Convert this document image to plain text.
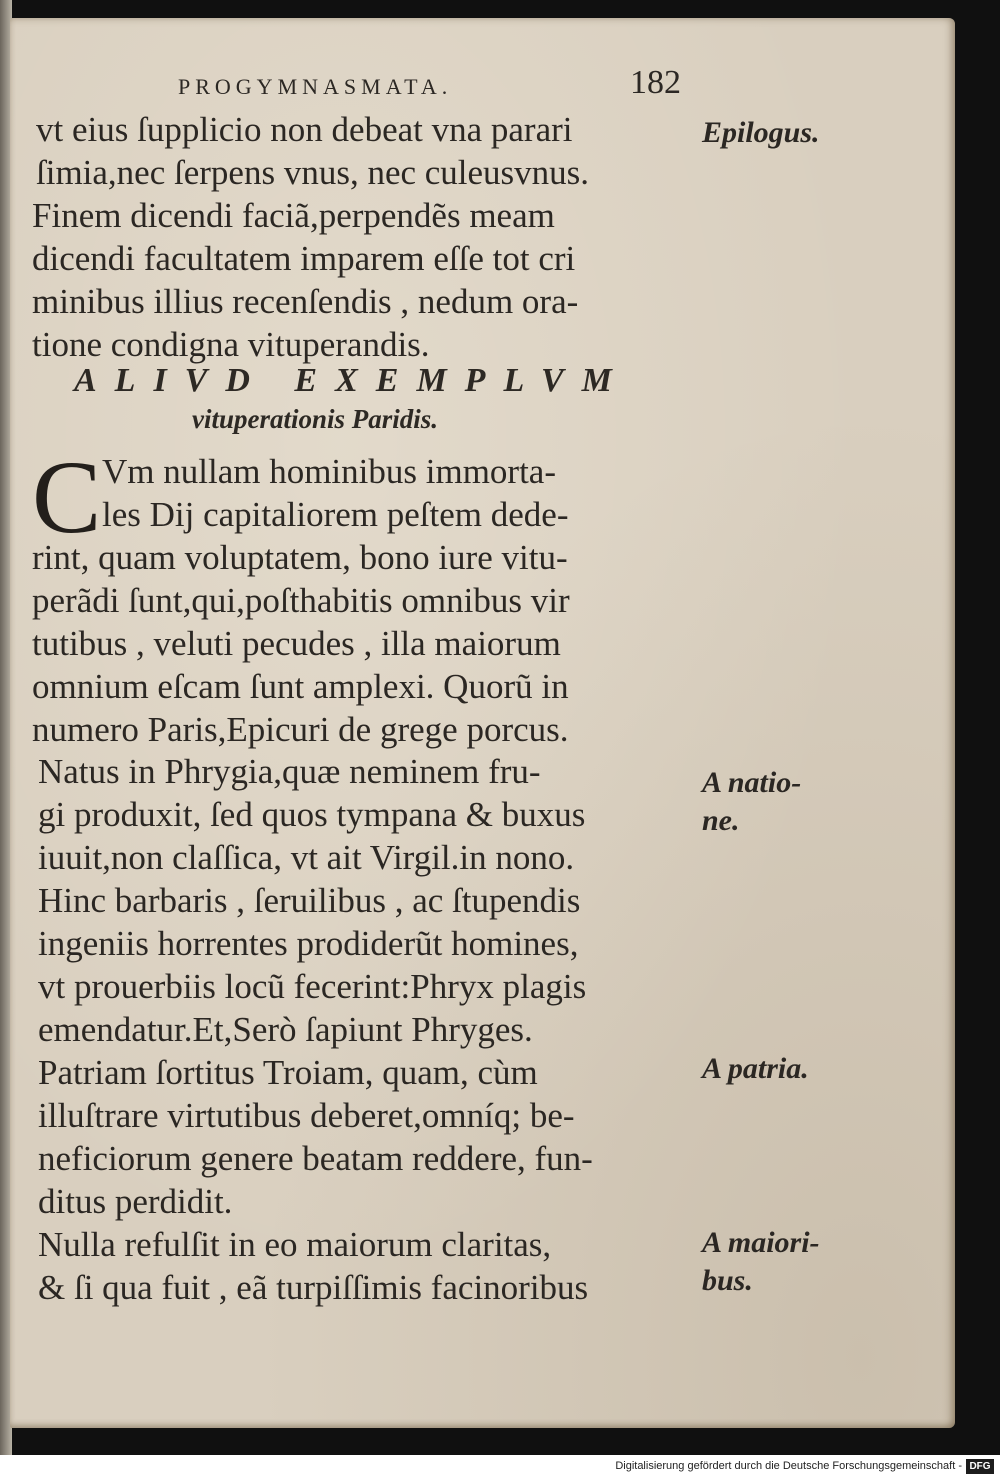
PROGYMNASMATA.	182
vt eius ſupplicio non debeat vna parari
ſimia,nec ſerpens vnus, nec culeusvnus.
Finem dicendi faciã,perpendẽs meam
dicendi facultatem imparem eſſe tot cri
minibus illius recenſendis , nedum ora-
tione condigna vituperandis.
ALIVD EXEMPLVM
vituperationis Paridis.
C Vm nullam hominibus immorta-
les Dij capitaliorem peſtem dede-
rint, quam voluptatem, bono iure vitu-
perãdi ſunt,qui,poſthabitis omnibus vir
tutibus , veluti pecudes , illa maiorum
omnium eſcam ſunt amplexi. Quorũ in
numero Paris,Epicuri de grege porcus.
Natus in Phrygia,quæ neminem fru-
gi produxit, ſed quos tympana & buxus
iuuit,non claſſica, vt ait Virgil.in nono.
Hinc barbaris , ſeruilibus , ac ſtupendis
ingeniis horrentes prodiderũt homines,
vt prouerbiis locũ fecerint:Phryx plagis
emendatur.Et,Serò ſapiunt Phryges.
Patriam ſortitus Troiam, quam, cùm
illuſtrare virtutibus deberet,omníq; be-
neficiorum genere beatam reddere, fun-
ditus perdidit.
Nulla refulſit in eo maiorum claritas,
& ſi qua fuit , eã turpiſſimis facinoribus
Epilogus.
A natio-
ne.
A patria.
A maiori-
bus.
Digitalisierung gefördert durch die Deutsche Forschungsgemeinschaft - DFG
